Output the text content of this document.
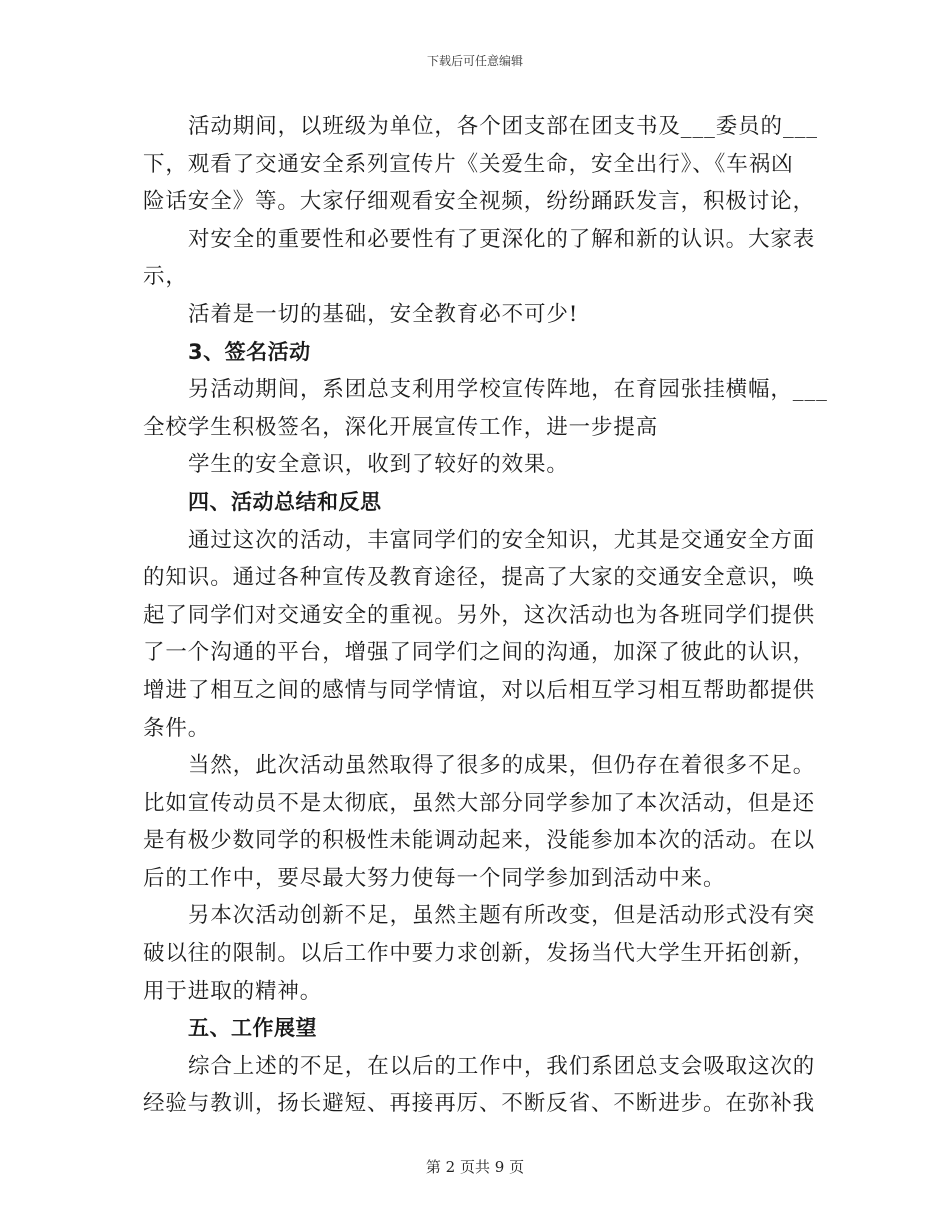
下载后可任意编辑

活动期间，以班级为单位，各个团支部在团支书及___委员的___

下，观看了交通安全系列宣传片《关爱生命，安全出行》、《车祸凶

险话安全》等。大家仔细观看安全视频，纷纷踊跃发言，积极讨论，

对安全的重要性和必要性有了更深化的了解和新的认识。大家表

示，

活着是一切的基础，安全教育必不可少!

3、签名活动

另活动期间，系团总支利用学校宣传阵地，在育园张挂横幅，___

全校学生积极签名，深化开展宣传工作，进一步提高

学生的安全意识，收到了较好的效果。

四、活动总结和反思

通过这次的活动，丰富同学们的安全知识，尤其是交通安全方面

的知识。通过各种宣传及教育途径，提高了大家的交通安全意识，唤

起了同学们对交通安全的重视。另外，这次活动也为各班同学们提供

了一个沟通的平台，增强了同学们之间的沟通，加深了彼此的认识，

增进了相互之间的感情与同学情谊，对以后相互学习相互帮助都提供

条件。

当然，此次活动虽然取得了很多的成果，但仍存在着很多不足。

比如宣传动员不是太彻底，虽然大部分同学参加了本次活动，但是还

是有极少数同学的积极性未能调动起来，没能参加本次的活动。在以

后的工作中，要尽最大努力使每一个同学参加到活动中来。

另本次活动创新不足，虽然主题有所改变，但是活动形式没有突

破以往的限制。以后工作中要力求创新，发扬当代大学生开拓创新，

用于进取的精神。

五、工作展望

综合上述的不足，在以后的工作中，我们系团总支会吸取这次的

经验与教训，扬长避短、再接再厉、不断反省、不断进步。在弥补我

第 2 页共 9 页
